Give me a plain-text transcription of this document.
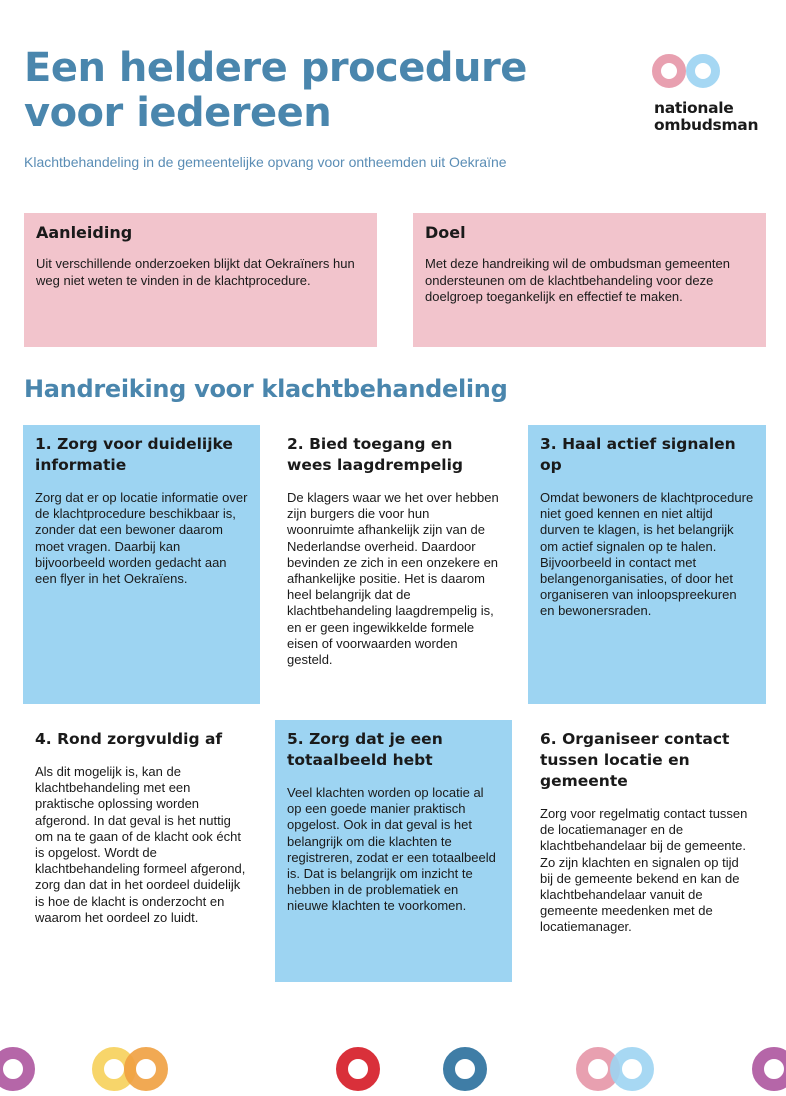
Een heldere procedure
voor iedereen
Klachtbehandeling in de gemeentelijke opvang voor ontheemden uit Oekraïne
nationale
ombudsman

Aanleiding

Uit verschillende onderzoeken blijkt dat Oekraïners hun weg niet weten te vinden in de klachtprocedure.

Doel

Met deze handreiking wil de ombudsman gemeenten ondersteunen om de klachtbehandeling voor deze doelgroep toegankelijk en effectief te maken.

Handreiking voor klachtbehandeling

1. Zorg voor duidelijke informatie

Zorg dat er op locatie informatie over de klachtprocedure beschikbaar is, zonder dat een bewoner daarom moet vragen. Daarbij kan bijvoorbeeld worden gedacht aan een flyer in het Oekraïens.

2. Bied toegang en wees laagdrempelig

De klagers waar we het over hebben zijn burgers die voor hun woonruimte afhankelijk zijn van de Nederlandse overheid. Daardoor bevinden ze zich in een onzekere en afhankelijke positie. Het is daarom heel belangrijk dat de klachtbehandeling laagdrempelig is, en er geen ingewikkelde formele eisen of voorwaarden worden gesteld.

3. Haal actief signalen op

Omdat bewoners de klachtprocedure niet goed kennen en niet altijd durven te klagen, is het belangrijk om actief signalen op te halen. Bijvoorbeeld in contact met belangenorganisaties, of door het organiseren van inloopspreekuren en bewonersraden.

4. Rond zorgvuldig af

Als dit mogelijk is, kan de klachtbehandeling met een praktische oplossing worden afgerond. In dat geval is het nuttig om na te gaan of de klacht ook écht is opgelost. Wordt de klachtbehandeling formeel afgerond, zorg dan dat in het oordeel duidelijk is hoe de klacht is onderzocht en waarom het oordeel zo luidt.

5. Zorg dat je een totaalbeeld hebt

Veel klachten worden op locatie al op een goede manier praktisch opgelost. Ook in dat geval is het belangrijk om die klachten te registreren, zodat er een totaalbeeld is. Dat is belangrijk om inzicht te hebben in de problematiek en nieuwe klachten te voorkomen.

6. Organiseer contact tussen locatie en gemeente

Zorg voor regelmatig contact tussen de locatiemanager en de klachtbehandelaar bij de gemeente. Zo zijn klachten en signalen op tijd bij de gemeente bekend en kan de klachtbehandelaar vanuit de gemeente meedenken met de locatiemanager.
